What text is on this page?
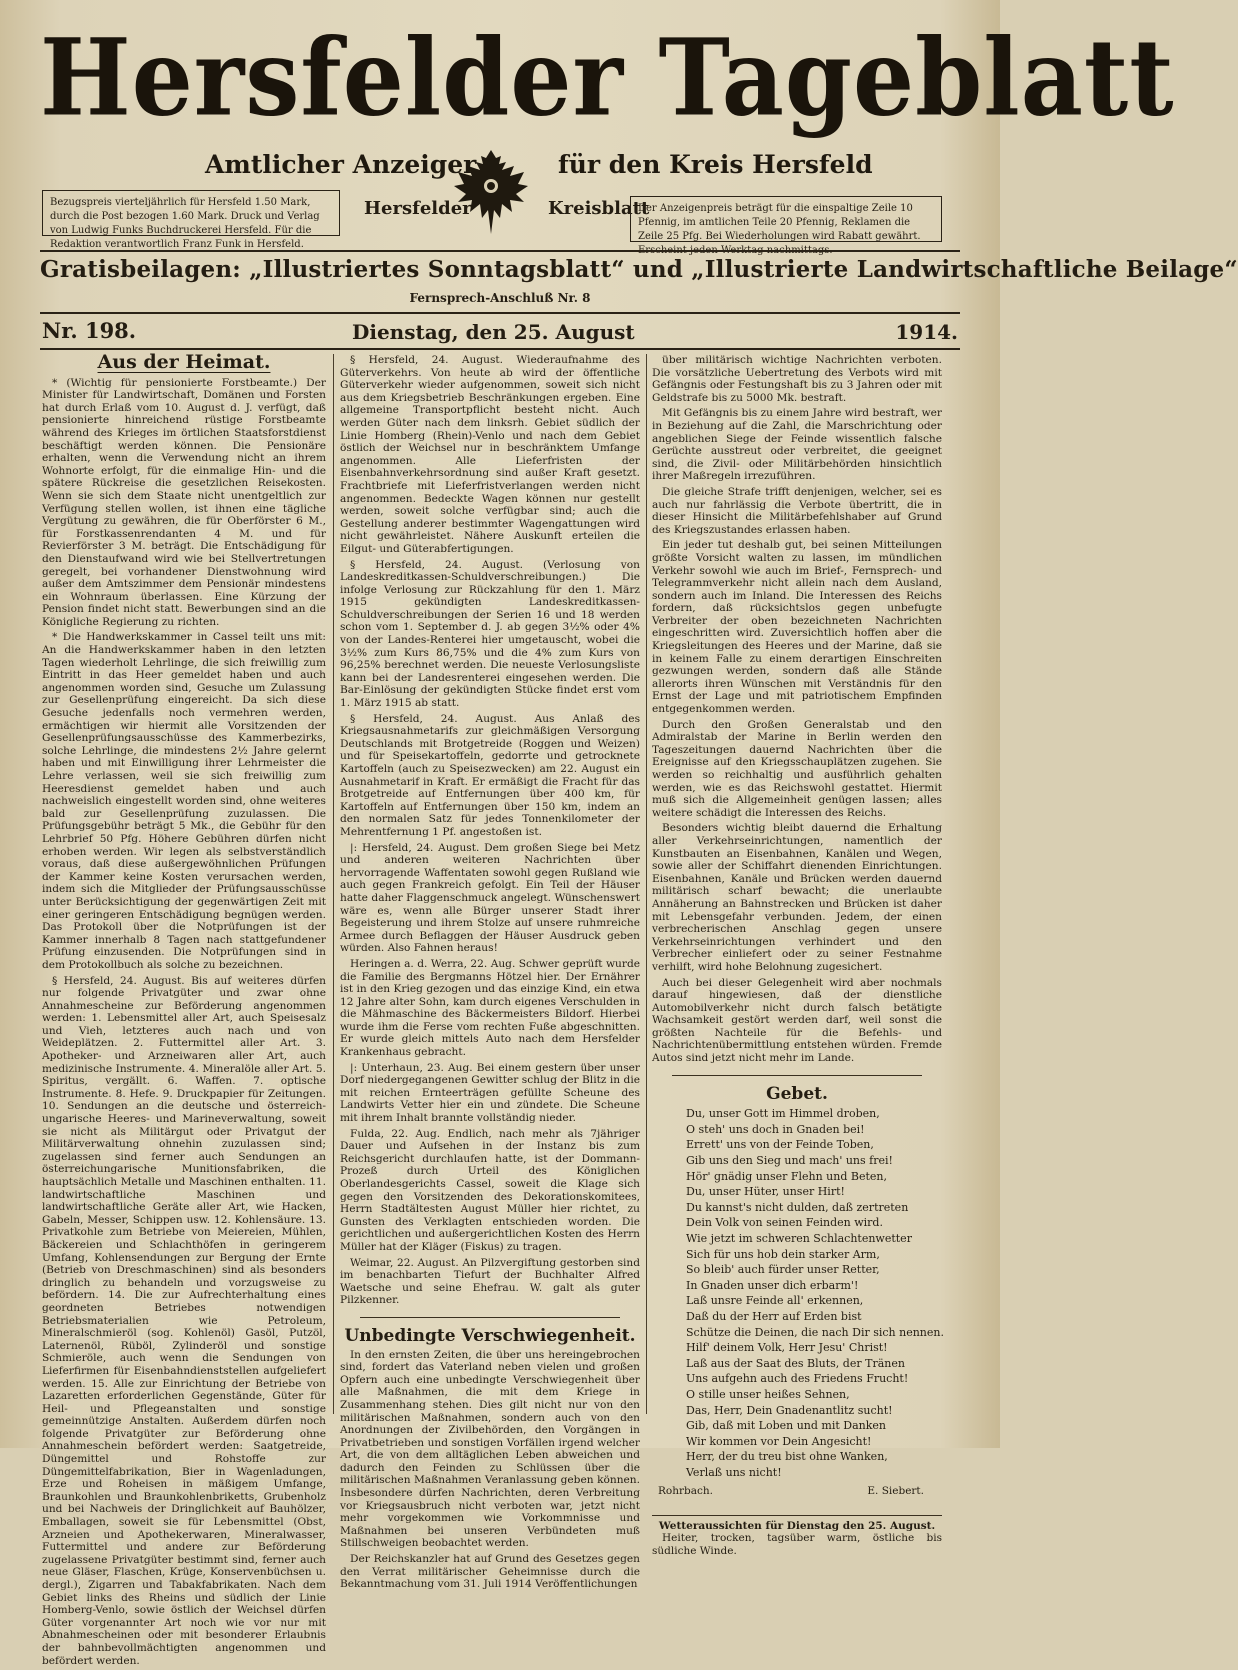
Hersfelder Tageblatt
Amtlicher Anzeiger	für den Kreis Hersfeld
Hersfelder	Kreisblatt
Bezugspreis vierteljährlich für Hersfeld 1.50 Mark, durch die Post bezogen 1.60 Mark. Druck und Verlag von Ludwig Funks Buchdruckerei Hersfeld. Für die Redaktion verantwortlich Franz Funk in Hersfeld.
Der Anzeigenpreis beträgt für die einspaltige Zeile 10 Pfennig, im amtlichen Teile 20 Pfennig, Reklamen die Zeile 25 Pfg. Bei Wiederholungen wird Rabatt gewährt. Erscheint jeden Werktag nachmittags.
Gratisbeilagen: „Illustriertes Sonntagsblatt“ und „Illustrierte Landwirtschaftliche Beilage“
Fernsprech-Anschluß Nr. 8
Nr. 198.	Dienstag, den 25. August	1914.
Aus der Heimat.

* (Wichtig für pensionierte Forstbeamte.) Der Minister für Landwirtschaft, Domänen und Forsten hat durch Erlaß vom 10. August d. J. verfügt, daß pensionierte hinreichend rüstige Forstbeamte während des Krieges im örtlichen Staatsforstdienst beschäftigt werden können. Die Pensionäre erhalten, wenn die Verwendung nicht an ihrem Wohnorte erfolgt, für die einmalige Hin- und die spätere Rückreise die gesetzlichen Reisekosten. Wenn sie sich dem Staate nicht unentgeltlich zur Verfügung stellen wollen, ist ihnen eine tägliche Vergütung zu gewähren, die für Oberförster 6 M., für Forstkassenrendanten 4 M. und für Revierförster 3 M. beträgt. Die Entschädigung für den Dienstaufwand wird wie bei Stellvertretungen geregelt, bei vorhandener Dienstwohnung wird außer dem Amtszimmer dem Pensionär mindestens ein Wohnraum überlassen. Eine Kürzung der Pension findet nicht statt. Bewerbungen sind an die Königliche Regierung zu richten.

* Die Handwerkskammer in Cassel teilt uns mit: An die Handwerkskammer haben in den letzten Tagen wiederholt Lehrlinge, die sich freiwillig zum Eintritt in das Heer gemeldet haben und auch angenommen worden sind, Gesuche um Zulassung zur Gesellenprüfung eingereicht. Da sich diese Gesuche jedenfalls noch vermehren werden, ermächtigen wir hiermit alle Vorsitzenden der Gesellenprüfungsausschüsse des Kammerbezirks, solche Lehrlinge, die mindestens 2½ Jahre gelernt haben und mit Einwilligung ihrer Lehrmeister die Lehre verlassen, weil sie sich freiwillig zum Heeresdienst gemeldet haben und auch nachweislich eingestellt worden sind, ohne weiteres bald zur Gesellenprüfung zuzulassen. Die Prüfungsgebühr beträgt 5 Mk., die Gebühr für den Lehrbrief 50 Pfg. Höhere Gebühren dürfen nicht erhoben werden. Wir legen als selbstverständlich voraus, daß diese außergewöhnlichen Prüfungen der Kammer keine Kosten verursachen werden, indem sich die Mitglieder der Prüfungsausschüsse unter Berücksichtigung der gegenwärtigen Zeit mit einer geringeren Entschädigung begnügen werden. Das Protokoll über die Notprüfungen ist der Kammer innerhalb 8 Tagen nach stattgefundener Prüfung einzusenden. Die Notprüfungen sind in dem Protokollbuch als solche zu bezeichnen.

§ Hersfeld, 24. August. Bis auf weiteres dürfen nur folgende Privatgüter und zwar ohne Annahmescheine zur Beförderung angenommen werden: 1. Lebensmittel aller Art, auch Speisesalz und Vieh, letzteres auch nach und von Weideplätzen. 2. Futtermittel aller Art. 3. Apotheker- und Arzneiwaren aller Art, auch medizinische Instrumente. 4. Mineralöle aller Art. 5. Spiritus, vergällt. 6. Waffen. 7. optische Instrumente. 8. Hefe. 9. Druckpapier für Zeitungen. 10. Sendungen an die deutsche und österreich-ungarische Heeres- und Marineverwaltung, soweit sie nicht als Militärgut oder Privatgut der Militärverwaltung ohnehin zuzulassen sind; zugelassen sind ferner auch Sendungen an österreichungarische Munitionsfabriken, die hauptsächlich Metalle und Maschinen enthalten. 11. landwirtschaftliche Maschinen und landwirtschaftliche Geräte aller Art, wie Hacken, Gabeln, Messer, Schippen usw. 12. Kohlensäure. 13. Privatkohle zum Betriebe von Meiereien, Mühlen, Bäckereien und Schlachthöfen in geringerem Umfang, Kohlensendungen zur Bergung der Ernte (Betrieb von Dreschmaschinen) sind als besonders dringlich zu behandeln und vorzugsweise zu befördern. 14. Die zur Aufrechterhaltung eines geordneten Betriebes notwendigen Betriebsmaterialien wie Petroleum, Mineralschmieröl (sog. Kohlenöl) Gasöl, Putzöl, Laternenöl, Rüböl, Zylinderöl und sonstige Schmieröle, auch wenn die Sendungen von Lieferfirmen für Eisenbahndienststellen aufgeliefert werden. 15. Alle zur Einrichtung der Betriebe von Lazaretten erforderlichen Gegenstände, Güter für Heil- und Pflegeanstalten und sonstige gemeinnützige Anstalten. Außerdem dürfen noch folgende Privatgüter zur Beförderung ohne Annahmeschein befördert werden: Saatgetreide, Düngemittel und Rohstoffe zur Düngemittelfabrikation, Bier in Wagenladungen, Erze und Roheisen in mäßigem Umfange, Braunkohlen und Braunkohlenbriketts, Grubenholz und bei Nachweis der Dringlichkeit auf Bauhölzer, Emballagen, soweit sie für Lebensmittel (Obst, Arzneien und Apothekerwaren, Mineralwasser, Futtermittel und andere zur Beförderung zugelassene Privatgüter bestimmt sind, ferner auch neue Gläser, Flaschen, Krüge, Konservenbüchsen u. dergl.), Zigarren und Tabakfabrikaten. Nach dem Gebiet links des Rheins und südlich der Linie Homberg-Venlo, sowie östlich der Weichsel dürfen Güter vorgenannter Art noch wie vor nur mit Abnahmescheinen oder mit besonderer Erlaubnis der bahnbevollmächtigten angenommen und befördert werden.

§ Hersfeld, 24. August. Wiederaufnahme des Güterverkehrs. Von heute ab wird der öffentliche Güterverkehr wieder aufgenommen, soweit sich nicht aus dem Kriegsbetrieb Beschränkungen ergeben. Eine allgemeine Transportpflicht besteht nicht. Auch werden Güter nach dem linksrh. Gebiet südlich der Linie Homberg (Rhein)-Venlo und nach dem Gebiet östlich der Weichsel nur in beschränktem Umfange angenommen. Alle Lieferfristen der Eisenbahnverkehrsordnung sind außer Kraft gesetzt. Frachtbriefe mit Lieferfristverlangen werden nicht angenommen. Bedeckte Wagen können nur gestellt werden, soweit solche verfügbar sind; auch die Gestellung anderer bestimmter Wagengattungen wird nicht gewährleistet. Nähere Auskunft erteilen die Eilgut- und Güterabfertigungen.

§ Hersfeld, 24. August. (Verlosung von Landeskreditkassen-Schuldverschreibungen.) Die infolge Verlosung zur Rückzahlung für den 1. März 1915 gekündigten Landeskreditkassen-Schuldverschreibungen der Serien 16 und 18 werden schon vom 1. September d. J. ab gegen 3½% oder 4% von der Landes-Renterei hier umgetauscht, wobei die 3½% zum Kurs 86,75% und die 4% zum Kurs von 96,25% berechnet werden. Die neueste Verlosungsliste kann bei der Landesrenterei eingesehen werden. Die Bar-Einlösung der gekündigten Stücke findet erst vom 1. März 1915 ab statt.

§ Hersfeld, 24. August. Aus Anlaß des Kriegsausnahmetarifs zur gleichmäßigen Versorgung Deutschlands mit Brotgetreide (Roggen und Weizen) und für Speisekartoffeln, gedorrte und getrocknete Kartoffeln (auch zu Speisezwecken) am 22. August ein Ausnahmetarif in Kraft. Er ermäßigt die Fracht für das Brotgetreide auf Entfernungen über 400 km, für Kartoffeln auf Entfernungen über 150 km, indem an den normalen Satz für jedes Tonnenkilometer der Mehrentfernung 1 Pf. angestoßen ist.

|: Hersfeld, 24. August. Dem großen Siege bei Metz und anderen weiteren Nachrichten über hervorragende Waffentaten sowohl gegen Rußland wie auch gegen Frankreich gefolgt. Ein Teil der Häuser hatte daher Flaggenschmuck angelegt. Wünschenswert wäre es, wenn alle Bürger unserer Stadt ihrer Begeisterung und ihrem Stolze auf unsere ruhmreiche Armee durch Beflaggen der Häuser Ausdruck geben würden. Also Fahnen heraus!

Heringen a. d. Werra, 22. Aug. Schwer geprüft wurde die Familie des Bergmanns Hötzel hier. Der Ernährer ist in den Krieg gezogen und das einzige Kind, ein etwa 12 Jahre alter Sohn, kam durch eigenes Verschulden in die Mähmaschine des Bäckermeisters Bildorf. Hierbei wurde ihm die Ferse vom rechten Fuße abgeschnitten. Er wurde gleich mittels Auto nach dem Hersfelder Krankenhaus gebracht.

|: Unterhaun, 23. Aug. Bei einem gestern über unser Dorf niedergegangenen Gewitter schlug der Blitz in die mit reichen Ernteerträgen gefüllte Scheune des Landwirts Vetter hier ein und zündete. Die Scheune mit ihrem Inhalt brannte vollständig nieder.

Fulda, 22. Aug. Endlich, nach mehr als 7jähriger Dauer und Aufsehen in der Instanz bis zum Reichsgericht durchlaufen hatte, ist der Dommann-Prozeß durch Urteil des Königlichen Oberlandesgerichts Cassel, soweit die Klage sich gegen den Vorsitzenden des Dekorationskomitees, Herrn Stadtältesten August Müller hier richtet, zu Gunsten des Verklagten entschieden worden. Die gerichtlichen und außergerichtlichen Kosten des Herrn Müller hat der Kläger (Fiskus) zu tragen.

Weimar, 22. August. An Pilzvergiftung gestorben sind im benachbarten Tiefurt der Buchhalter Alfred Waetsche und seine Ehefrau. W. galt als guter Pilzkenner.

Unbedingte Verschwiegenheit.

In den ernsten Zeiten, die über uns hereingebrochen sind, fordert das Vaterland neben vielen und großen Opfern auch eine unbedingte Verschwiegenheit über alle Maßnahmen, die mit dem Kriege in Zusammenhang stehen. Dies gilt nicht nur von den militärischen Maßnahmen, sondern auch von den Anordnungen der Zivilbehörden, den Vorgängen in Privatbetrieben und sonstigen Vorfällen irgend welcher Art, die von dem alltäglichen Leben abweichen und dadurch den Feinden zu Schlüssen über die militärischen Maßnahmen Veranlassung geben können. Insbesondere dürfen Nachrichten, deren Verbreitung vor Kriegsausbruch nicht verboten war, jetzt nicht mehr vorgekommen wie Vorkommnisse und Maßnahmen bei unseren Verbündeten muß Stillschweigen beobachtet werden.

Der Reichskanzler hat auf Grund des Gesetzes gegen den Verrat militärischer Geheimnisse durch die Bekanntmachung vom 31. Juli 1914 Veröffentlichungen

über militärisch wichtige Nachrichten verboten. Die vorsätzliche Uebertretung des Verbots wird mit Gefängnis oder Festungshaft bis zu 3 Jahren oder mit Geldstrafe bis zu 5000 Mk. bestraft.

Mit Gefängnis bis zu einem Jahre wird bestraft, wer in Beziehung auf die Zahl, die Marschrichtung oder angeblichen Siege der Feinde wissentlich falsche Gerüchte ausstreut oder verbreitet, die geeignet sind, die Zivil- oder Militärbehörden hinsichtlich ihrer Maßregeln irrezuführen.

Die gleiche Strafe trifft denjenigen, welcher, sei es auch nur fahrlässig die Verbote übertritt, die in dieser Hinsicht die Militärbefehlshaber auf Grund des Kriegszustandes erlassen haben.

Ein jeder tut deshalb gut, bei seinen Mitteilungen größte Vorsicht walten zu lassen, im mündlichen Verkehr sowohl wie auch im Brief-, Fernsprech- und Telegrammverkehr nicht allein nach dem Ausland, sondern auch im Inland. Die Interessen des Reichs fordern, daß rücksichtslos gegen unbefugte Verbreiter der oben bezeichneten Nachrichten eingeschritten wird. Zuversichtlich hoffen aber die Kriegsleitungen des Heeres und der Marine, daß sie in keinem Falle zu einem derartigen Einschreiten gezwungen werden, sondern daß alle Stände allerorts ihren Wünschen mit Verständnis für den Ernst der Lage und mit patriotischem Empfinden entgegenkommen werden.

Durch den Großen Generalstab und den Admiralstab der Marine in Berlin werden den Tageszeitungen dauernd Nachrichten über die Ereignisse auf den Kriegsschauplätzen zugehen. Sie werden so reichhaltig und ausführlich gehalten werden, wie es das Reichswohl gestattet. Hiermit muß sich die Allgemeinheit genügen lassen; alles weitere schädigt die Interessen des Reichs.

Besonders wichtig bleibt dauernd die Erhaltung aller Verkehrseinrichtungen, namentlich der Kunstbauten an Eisenbahnen, Kanälen und Wegen, sowie aller der Schiffahrt dienenden Einrichtungen. Eisenbahnen, Kanäle und Brücken werden dauernd militärisch scharf bewacht; die unerlaubte Annäherung an Bahnstrecken und Brücken ist daher mit Lebensgefahr verbunden. Jedem, der einen verbrecherischen Anschlag gegen unsere Verkehrseinrichtungen verhindert und den Verbrecher einliefert oder zu seiner Festnahme verhilft, wird hohe Belohnung zugesichert.

Auch bei dieser Gelegenheit wird aber nochmals darauf hingewiesen, daß der dienstliche Automobilverkehr nicht durch falsch betätigte Wachsamkeit gestört werden darf, weil sonst die größten Nachteile für die Befehls- und Nachrichtenübermittlung entstehen würden. Fremde Autos sind jetzt nicht mehr im Lande.

Gebet.
Du, unser Gott im Himmel droben,
O steh' uns doch in Gnaden bei!
Errett' uns von der Feinde Toben,
Gib uns den Sieg und mach' uns frei!
Hör' gnädig unser Flehn und Beten,
Du, unser Hüter, unser Hirt!
Du kannst's nicht dulden, daß zertreten
Dein Volk von seinen Feinden wird.
Wie jetzt im schweren Schlachtenwetter
Sich für uns hob dein starker Arm,
So bleib' auch fürder unser Retter,
In Gnaden unser dich erbarm'!
Laß unsre Feinde all' erkennen,
Daß du der Herr auf Erden bist
Schütze die Deinen, die nach Dir sich nennen.
Hilf' deinem Volk, Herr Jesu' Christ!
Laß aus der Saat des Bluts, der Tränen
Uns aufgehn auch des Friedens Frucht!
O stille unser heißes Sehnen,
Das, Herr, Dein Gnadenantlitz sucht!
Gib, daß mit Loben und mit Danken
Wir kommen vor Dein Angesicht!
Herr, der du treu bist ohne Wanken,
Verlaß uns nicht!
Rohrbach.	E. Siebert.
Wetteraussichten für Dienstag den 25. August.
Heiter, trocken, tagsüber warm, östliche bis südliche Winde.
